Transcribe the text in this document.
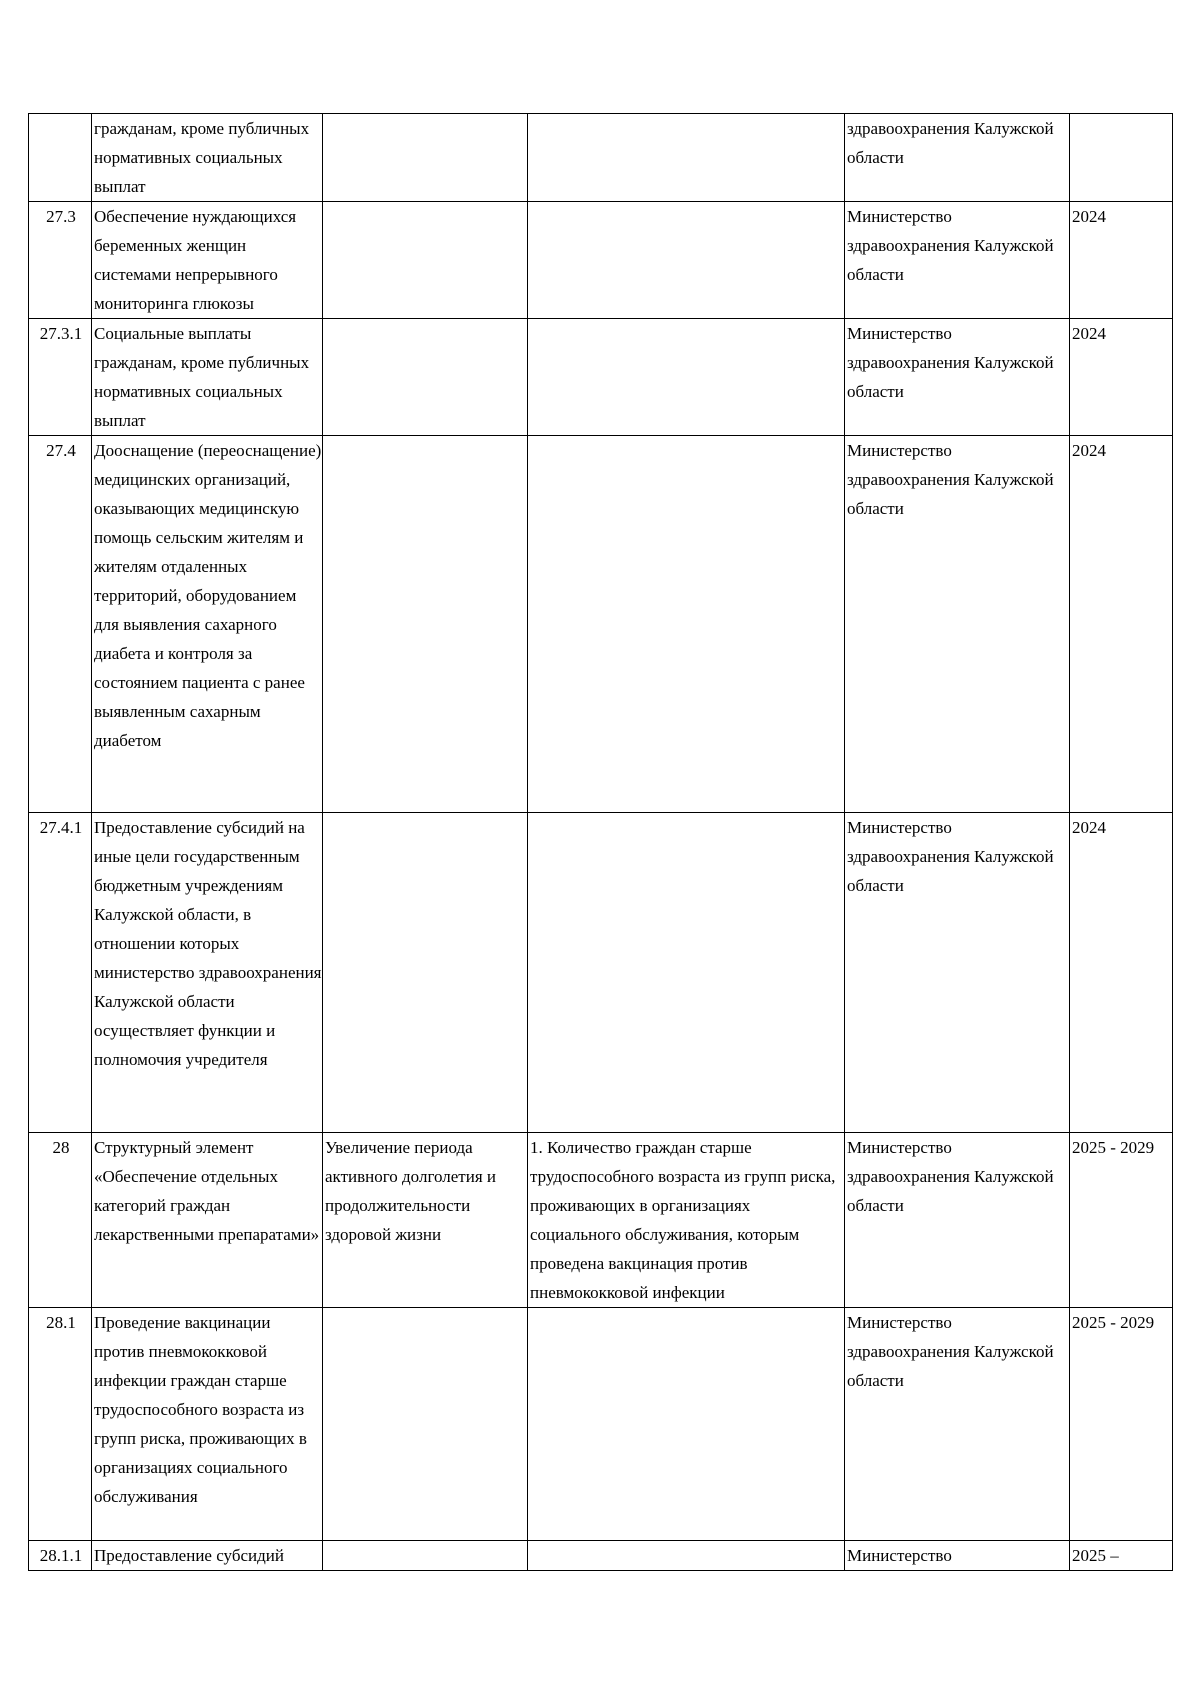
	гражданам, кроме публичных нормативных социальных выплат			здравоохранения Калужской области	
27.3	Обеспечение нуждающихся беременных женщин системами непрерывного мониторинга глюкозы			Министерство здравоохранения Калужской области	2024
27.3.1	Социальные выплаты гражданам, кроме публичных нормативных социальных выплат			Министерство здравоохранения Калужской области	2024
27.4	Дооснащение (переоснащение) медицинских организаций, оказывающих медицинскую помощь сельским жителям и жителям отдаленных территорий, оборудованием для выявления сахарного диабета и контроля за состоянием пациента с ранее выявленным сахарным диабетом			Министерство здравоохранения Калужской области	2024
27.4.1	Предоставление субсидий на иные цели государственным бюджетным учреждениям Калужской области, в отношении которых министерство здравоохранения Калужской области осуществляет функции и полномочия учредителя			Министерство здравоохранения Калужской области	2024
28	Структурный элемент «Обеспечение отдельных категорий граждан лекарственными препаратами»	Увеличение периода активного долголетия и продолжительности здоровой жизни	1. Количество граждан старше трудоспособного возраста из групп риска, проживающих в организациях социального обслуживания, которым проведена вакцинация против пневмококковой инфекции	Министерство здравоохранения Калужской области	2025 - 2029
28.1	Проведение вакцинации против пневмококковой инфекции граждан старше трудоспособного возраста из групп риска, проживающих в организациях социального обслуживания			Министерство здравоохранения Калужской области	2025 - 2029
28.1.1	Предоставление субсидий			Министерство	2025 –
